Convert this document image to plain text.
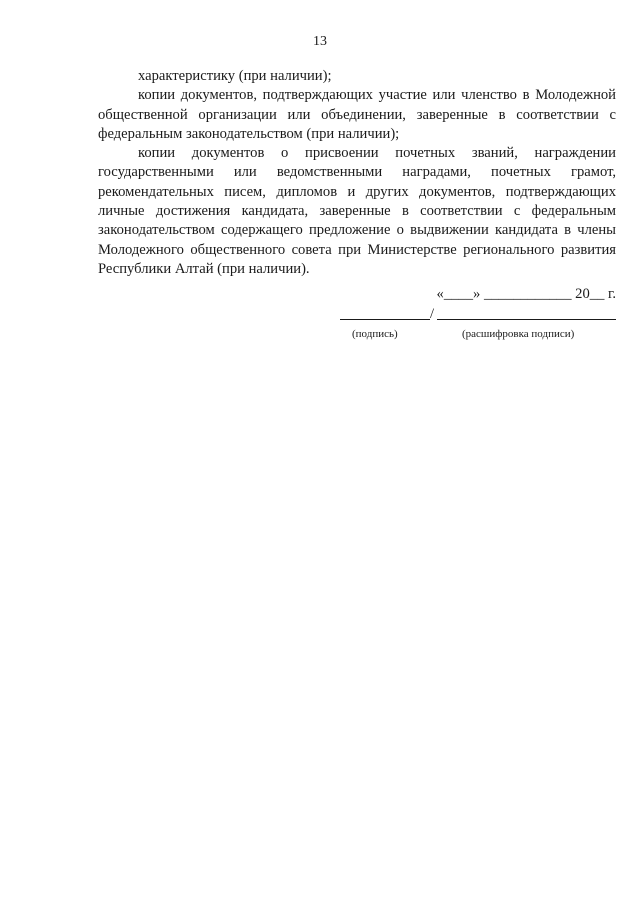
13

характеристику (при наличии);

копии документов, подтверждающих участие или членство в Молодежной общественной организации или объединении, заверенные в соответствии с федеральным законодательством (при наличии);

копии документов о присвоении почетных званий, награждении государственными или ведомственными наградами, почетных грамот, рекомендательных писем, дипломов и других документов, подтверждающих личные достижения кандидата, заверенные в соответствии с федеральным законодательством содержащего предложение о выдвижении кандидата в члены Молодежного общественного совета при Министерстве регионального развития Республики Алтай (при наличии).

«____» ____________ 20__ г.
/
(подпись)	(расшифровка подписи)
